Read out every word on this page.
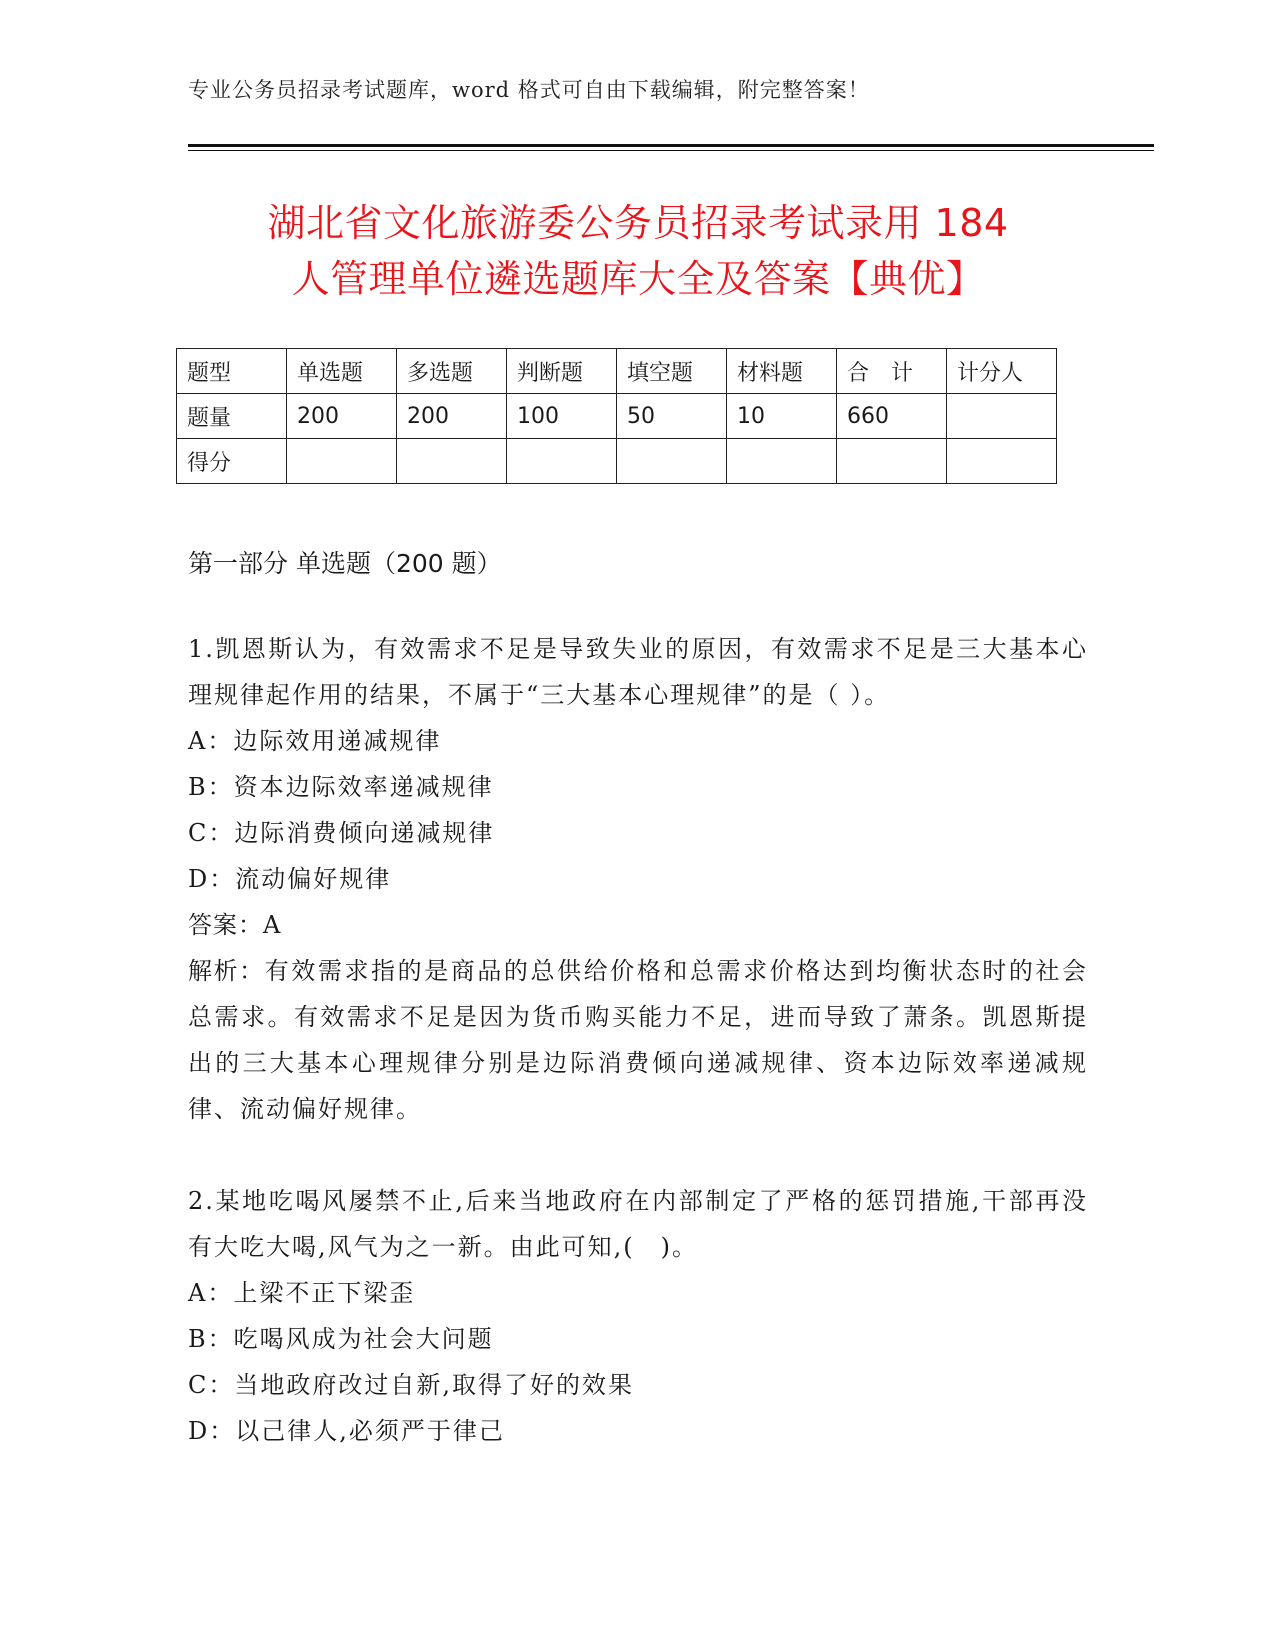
专业公务员招录考试题库，word 格式可自由下载编辑，附完整答案！
湖北省文化旅游委公务员招录考试录用 184
人管理单位遴选题库大全及答案【典优】
题型	单选题	多选题	判断题	填空题	材料题	合　计	计分人
题量	200	200	100	50	10	660	
得分							
第一部分 单选题（200 题）

1.凯恩斯认为，有效需求不足是导致失业的原因，有效需求不足是三大基本心理规律起作用的结果，不属于“三大基本心理规律”的是（ ）。

A：边际效用递减规律

B：资本边际效率递减规律

C：边际消费倾向递减规律

D：流动偏好规律

答案：A

解析：有效需求指的是商品的总供给价格和总需求价格达到均衡状态时的社会总需求。有效需求不足是因为货币购买能力不足，进而导致了萧条。凯恩斯提出的三大基本心理规律分别是边际消费倾向递减规律、资本边际效率递减规律、流动偏好规律。

2.某地吃喝风屡禁不止,后来当地政府在内部制定了严格的惩罚措施,干部再没有大吃大喝,风气为之一新。由此可知,(　)。

A：上梁不正下梁歪

B：吃喝风成为社会大问题

C：当地政府改过自新,取得了好的效果

D：以己律人,必须严于律己
